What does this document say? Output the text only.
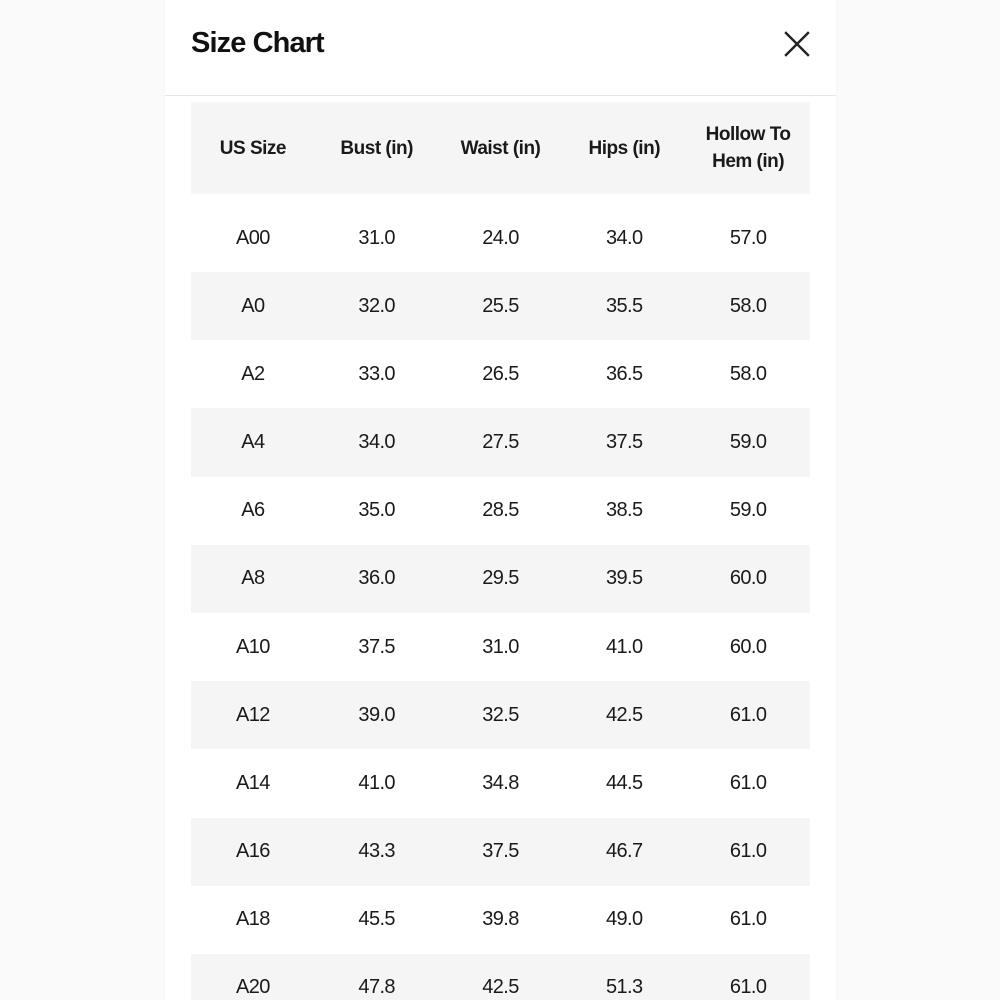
Size Chart
US Size	Bust (in)	Waist (in)	Hips (in)	Hollow To Hem (in)
A00	31.0	24.0	34.0	57.0
A0	32.0	25.5	35.5	58.0
A2	33.0	26.5	36.5	58.0
A4	34.0	27.5	37.5	59.0
A6	35.0	28.5	38.5	59.0
A8	36.0	29.5	39.5	60.0
A10	37.5	31.0	41.0	60.0
A12	39.0	32.5	42.5	61.0
A14	41.0	34.8	44.5	61.0
A16	43.3	37.5	46.7	61.0
A18	45.5	39.8	49.0	61.0
A20	47.8	42.5	51.3	61.0
